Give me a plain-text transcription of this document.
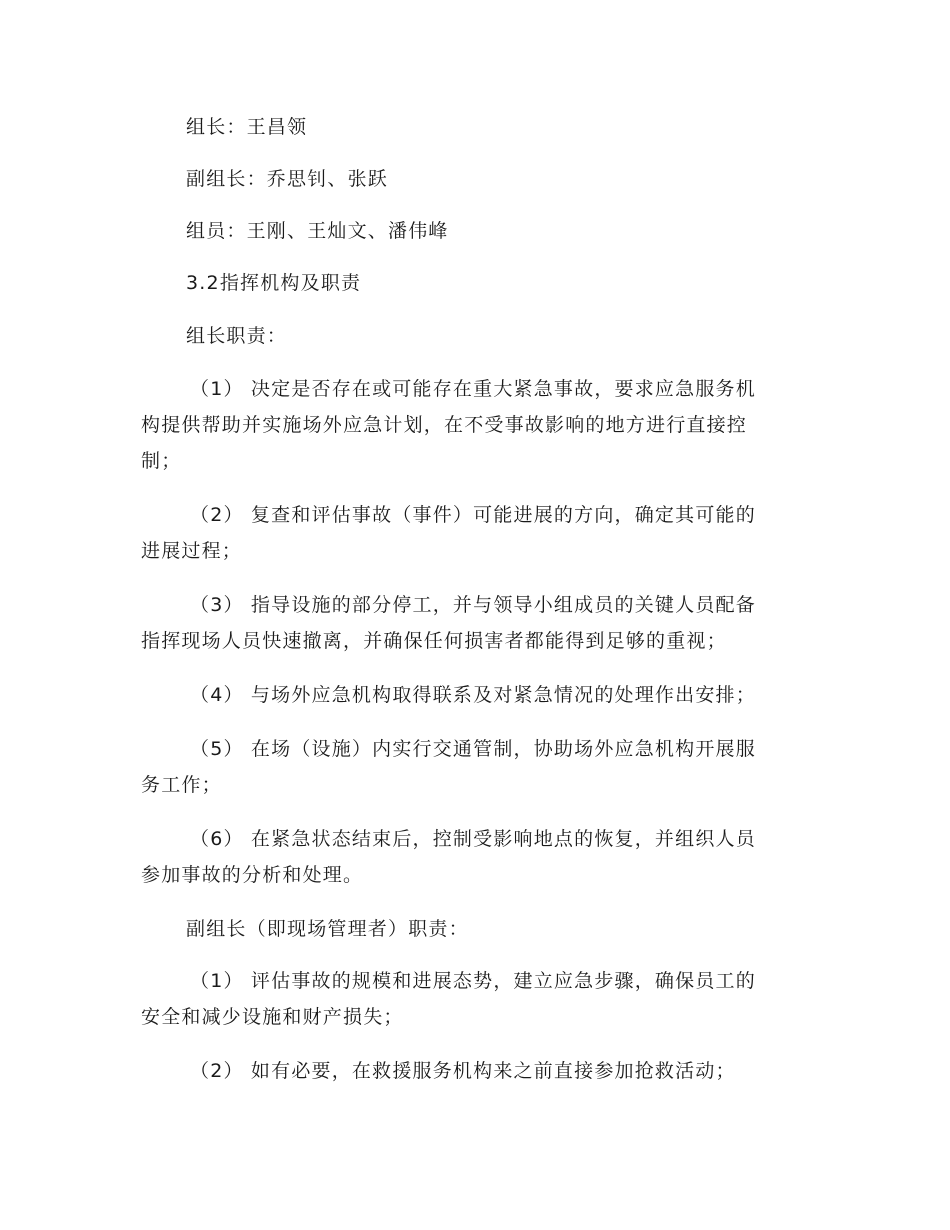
组长：王昌领
副组长：乔思钊、张跃
组员：王刚、王灿文、潘伟峰
3.2指挥机构及职责
组长职责：
（1） 决定是否存在或可能存在重大紧急事故，要求应急服务机
构提供帮助并实施场外应急计划，在不受事故影响的地方进行直接控
制；
（2） 复查和评估事故（事件）可能进展的方向，确定其可能的
进展过程；
（3） 指导设施的部分停工，并与领导小组成员的关键人员配备
指挥现场人员快速撤离，并确保任何损害者都能得到足够的重视；
（4） 与场外应急机构取得联系及对紧急情况的处理作出安排；
（5） 在场（设施）内实行交通管制，协助场外应急机构开展服
务工作；
（6） 在紧急状态结束后，控制受影响地点的恢复，并组织人员
参加事故的分析和处理。
副组长（即现场管理者）职责：
（1） 评估事故的规模和进展态势，建立应急步骤，确保员工的
安全和减少设施和财产损失；
（2） 如有必要，在救援服务机构来之前直接参加抢救活动；
